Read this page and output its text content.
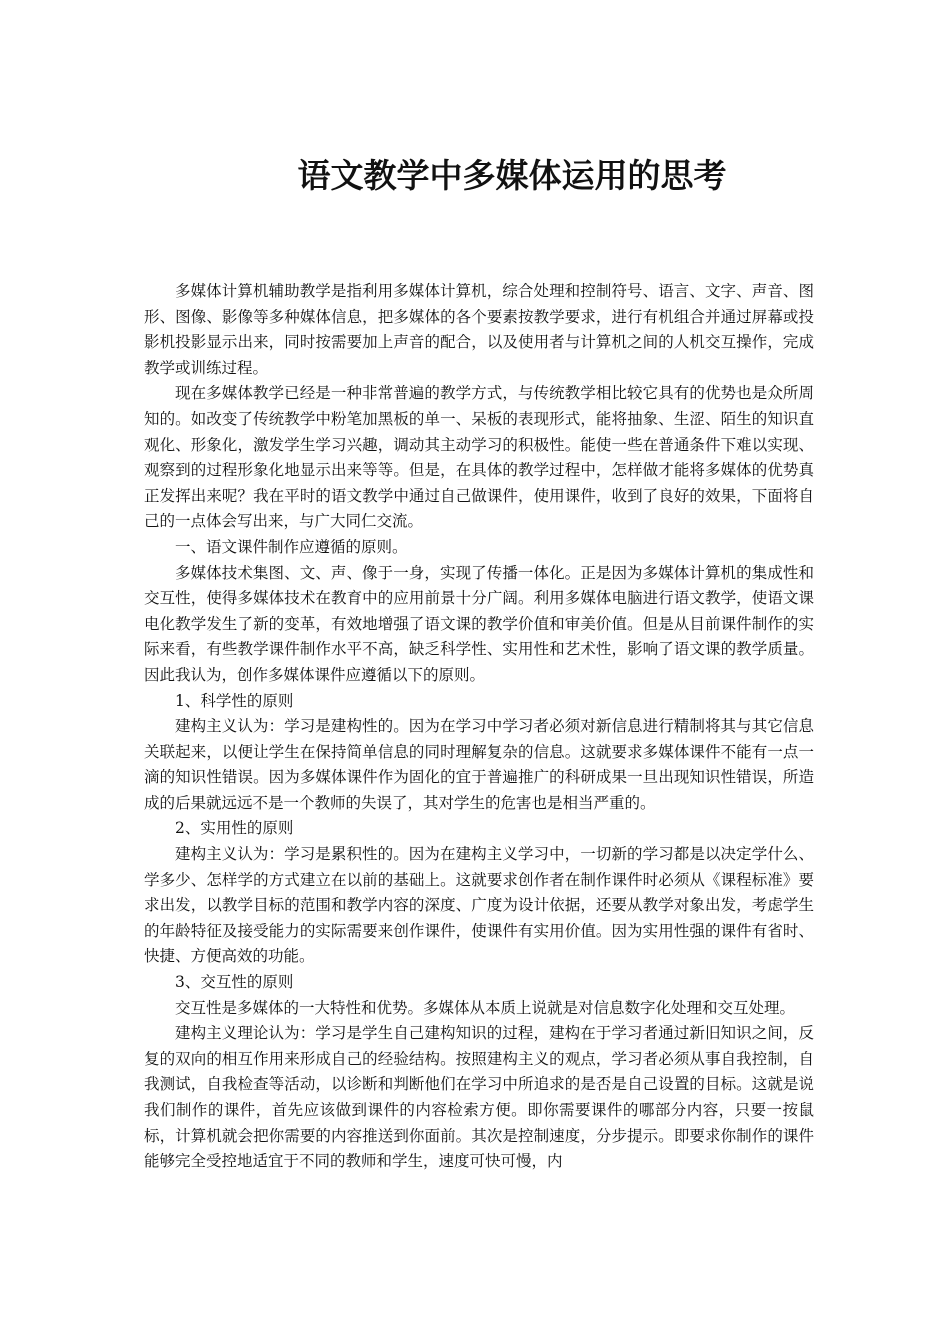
语文教学中多媒体运用的思考

多媒体计算机辅助教学是指利用多媒体计算机，综合处理和控制符号、语言、文字、声音、图形、图像、影像等多种媒体信息，把多媒体的各个要素按教学要求，进行有机组合并通过屏幕或投影机投影显示出来，同时按需要加上声音的配合，以及使用者与计算机之间的人机交互操作，完成教学或训练过程。

现在多媒体教学已经是一种非常普遍的教学方式，与传统教学相比较它具有的优势也是众所周知的。如改变了传统教学中粉笔加黑板的单一、呆板的表现形式，能将抽象、生涩、陌生的知识直观化、形象化，激发学生学习兴趣，调动其主动学习的积极性。能使一些在普通条件下难以实现、观察到的过程形象化地显示出来等等。但是，在具体的教学过程中，怎样做才能将多媒体的优势真正发挥出来呢？我在平时的语文教学中通过自己做课件，使用课件，收到了良好的效果，下面将自己的一点体会写出来，与广大同仁交流。

一、语文课件制作应遵循的原则。

多媒体技术集图、文、声、像于一身，实现了传播一体化。正是因为多媒体计算机的集成性和交互性，使得多媒体技术在教育中的应用前景十分广阔。利用多媒体电脑进行语文教学，使语文课电化教学发生了新的变革，有效地增强了语文课的教学价值和审美价值。但是从目前课件制作的实际来看，有些教学课件制作水平不高，缺乏科学性、实用性和艺术性，影响了语文课的教学质量。因此我认为，创作多媒体课件应遵循以下的原则。

1、科学性的原则

建构主义认为：学习是建构性的。因为在学习中学习者必须对新信息进行精制将其与其它信息关联起来，以便让学生在保持简单信息的同时理解复杂的信息。这就要求多媒体课件不能有一点一滴的知识性错误。因为多媒体课件作为固化的宜于普遍推广的科研成果一旦出现知识性错误，所造成的后果就远远不是一个教师的失误了，其对学生的危害也是相当严重的。

2、实用性的原则

建构主义认为：学习是累积性的。因为在建构主义学习中，一切新的学习都是以决定学什么、学多少、怎样学的方式建立在以前的基础上。这就要求创作者在制作课件时必须从《课程标准》要求出发，以教学目标的范围和教学内容的深度、广度为设计依据，还要从教学对象出发，考虑学生的年龄特征及接受能力的实际需要来创作课件，使课件有实用价值。因为实用性强的课件有省时、快捷、方便高效的功能。

3、交互性的原则

交互性是多媒体的一大特性和优势。多媒体从本质上说就是对信息数字化处理和交互处理。

建构主义理论认为：学习是学生自己建构知识的过程，建构在于学习者通过新旧知识之间，反复的双向的相互作用来形成自己的经验结构。按照建构主义的观点，学习者必须从事自我控制，自我测试，自我检查等活动，以诊断和判断他们在学习中所追求的是否是自己设置的目标。这就是说我们制作的课件，首先应该做到课件的内容检索方便。即你需要课件的哪部分内容，只要一按鼠标，计算机就会把你需要的内容推送到你面前。其次是控制速度，分步提示。即要求你制作的课件能够完全受控地适宜于不同的教师和学生，速度可快可慢，内
